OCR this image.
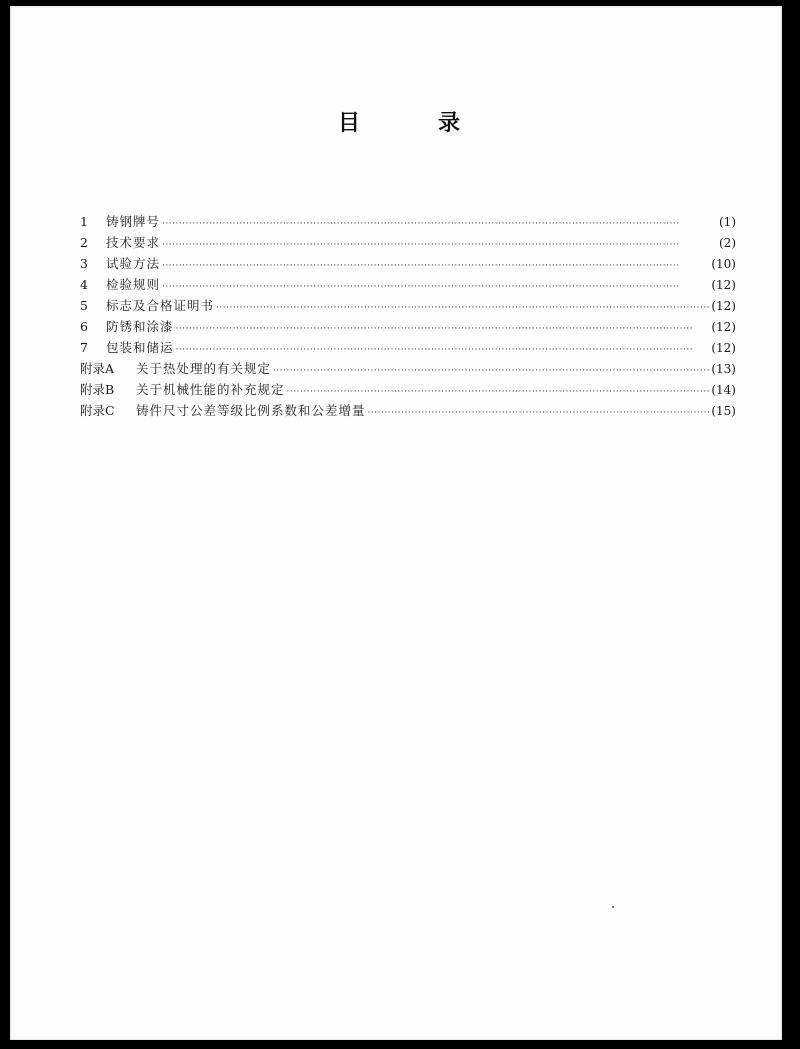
目　录
1	铸钢牌号 ·····	(1)
2	技术要求 ·····	(2)
3	试验方法 ·····	(10)
4	检验规则 ·····	(12)
5	标志及合格证明书 ·····	(12)
6	防锈和涂漆 ·····	(12)
7	包装和储运 ·····	(12)
附录A	关于热处理的有关规定 ·····	(13)
附录B	关于机械性能的补充规定 ·····	(14)
附录C	铸件尺寸公差等级比例系数和公差增量 ·····	(15)
